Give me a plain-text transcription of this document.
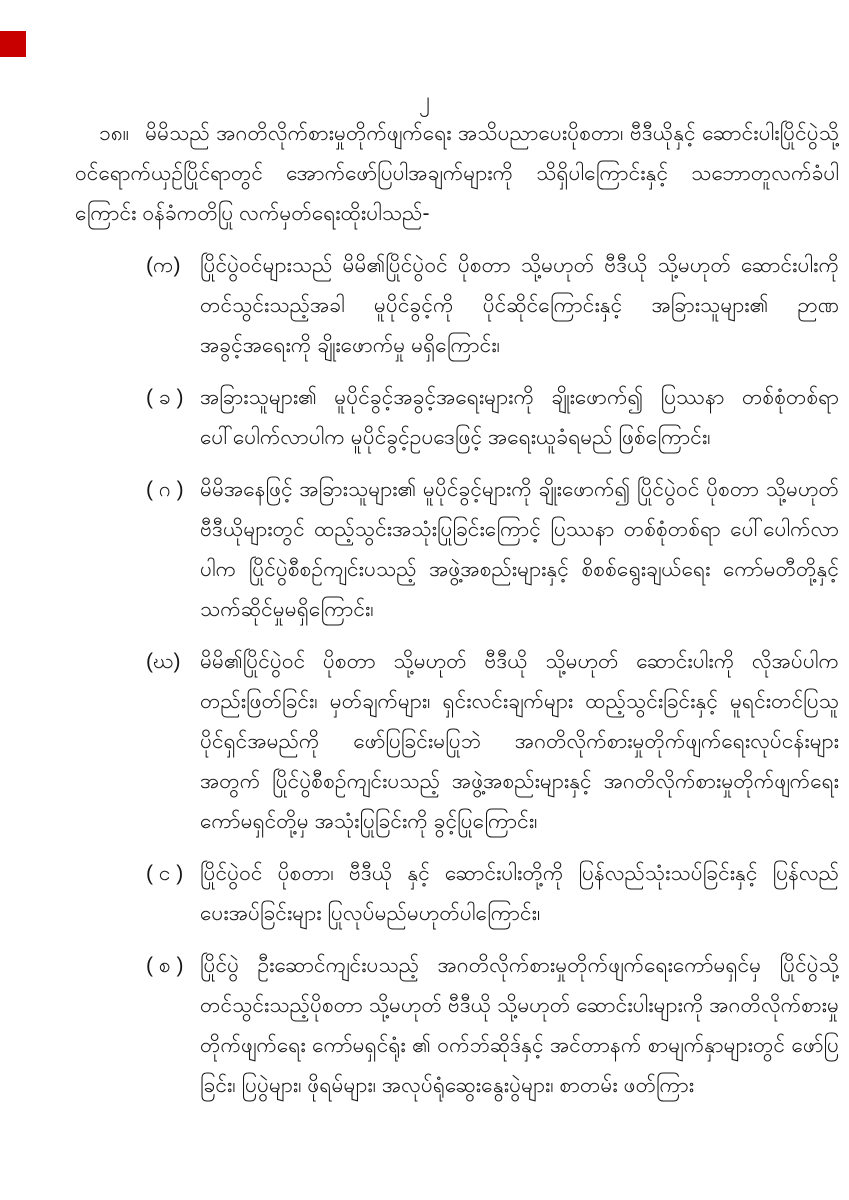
၂

၁၈။ မိမိသည် အဂတိလိုက်စားမှုတိုက်ဖျက်ရေး အသိပညာပေးပိုစတာ၊ ဗီဒီယိုနှင့် ဆောင်းပါးပြိုင်ပွဲသို့ ဝင်ရောက်ယှဉ်ပြိုင်ရာတွင် အောက်ဖော်ပြပါအချက်များကို သိရှိပါကြောင်းနှင့် သဘောတူလက်ခံပါကြောင်း ဝန်ခံကတိပြု လက်မှတ်ရေးထိုးပါသည်-

(က) ပြိုင်ပွဲဝင်များသည် မိမိ၏ပြိုင်ပွဲဝင် ပိုစတာ သို့မဟုတ် ဗီဒီယို သို့မဟုတ် ဆောင်းပါးကို တင်သွင်းသည့်အခါ မူပိုင်ခွင့်ကို ပိုင်ဆိုင်ကြောင်းနှင့် အခြားသူများ၏ ဉာဏ အခွင့်အရေးကို ချိုးဖောက်မှု မရှိကြောင်း၊
( ခ ) အခြားသူများ၏ မူပိုင်ခွင့်အခွင့်အရေးများကို ချိုးဖောက်၍ ပြဿနာ တစ်စုံတစ်ရာ ပေါ်ပေါက်လာပါက မူပိုင်ခွင့်ဥပဒေဖြင့် အရေးယူခံရမည် ဖြစ်ကြောင်း၊
( ဂ ) မိမိအနေဖြင့် အခြားသူများ၏ မူပိုင်ခွင့်များကို ချိုးဖောက်၍ ပြိုင်ပွဲဝင် ပိုစတာ သို့မဟုတ် ဗီဒီယိုများတွင် ထည့်သွင်းအသုံးပြုခြင်းကြောင့် ပြဿနာ တစ်စုံတစ်ရာ ပေါ်ပေါက်လာပါက ပြိုင်ပွဲစီစဉ်ကျင်းပသည့် အဖွဲ့အစည်းများနှင့် စိစစ်ရွေးချယ်ရေး ကော်မတီတို့နှင့် သက်ဆိုင်မှုမရှိကြောင်း၊
(ဃ) မိမိ၏ပြိုင်ပွဲဝင် ပိုစတာ သို့မဟုတ် ဗီဒီယို သို့မဟုတ် ဆောင်းပါးကို လိုအပ်ပါက တည်းဖြတ်ခြင်း၊ မှတ်ချက်များ၊ ရှင်းလင်းချက်များ ထည့်သွင်းခြင်းနှင့် မူရင်းတင်ပြသူ ပိုင်ရှင်အမည်ကို ဖော်ပြခြင်းမပြုဘဲ အဂတိလိုက်စားမှုတိုက်ဖျက်ရေးလုပ်ငန်းများအတွက် ပြိုင်ပွဲစီစဉ်ကျင်းပသည့် အဖွဲ့အစည်းများနှင့် အဂတိလိုက်စားမှုတိုက်ဖျက်ရေး ကော်မရှင်တို့မှ အသုံးပြုခြင်းကို ခွင့်ပြုကြောင်း၊
( င ) ပြိုင်ပွဲဝင် ပိုစတာ၊ ဗီဒီယို နှင့် ဆောင်းပါးတို့ကို ပြန်လည်သုံးသပ်ခြင်းနှင့် ပြန်လည်ပေးအပ်ခြင်းများ ပြုလုပ်မည်မဟုတ်ပါကြောင်း၊
( စ ) ပြိုင်ပွဲ ဦးဆောင်ကျင်းပသည့် အဂတိလိုက်စားမှုတိုက်ဖျက်ရေးကော်မရှင်မှ ပြိုင်ပွဲသို့ တင်သွင်းသည့်ပိုစတာ သို့မဟုတ် ဗီဒီယို သို့မဟုတ် ဆောင်းပါးများကို အဂတိလိုက်စားမှု တိုက်ဖျက်ရေး ကော်မရှင်ရုံး ၏ ဝက်ဘ်ဆိုဒ်နှင့် အင်တာနက် စာမျက်နှာများတွင် ဖော်ပြခြင်း၊ ပြပွဲများ၊ ဖိုရမ်များ၊ အလုပ်ရုံဆွေးနွေးပွဲများ၊ စာတမ်း ဖတ်ကြား
